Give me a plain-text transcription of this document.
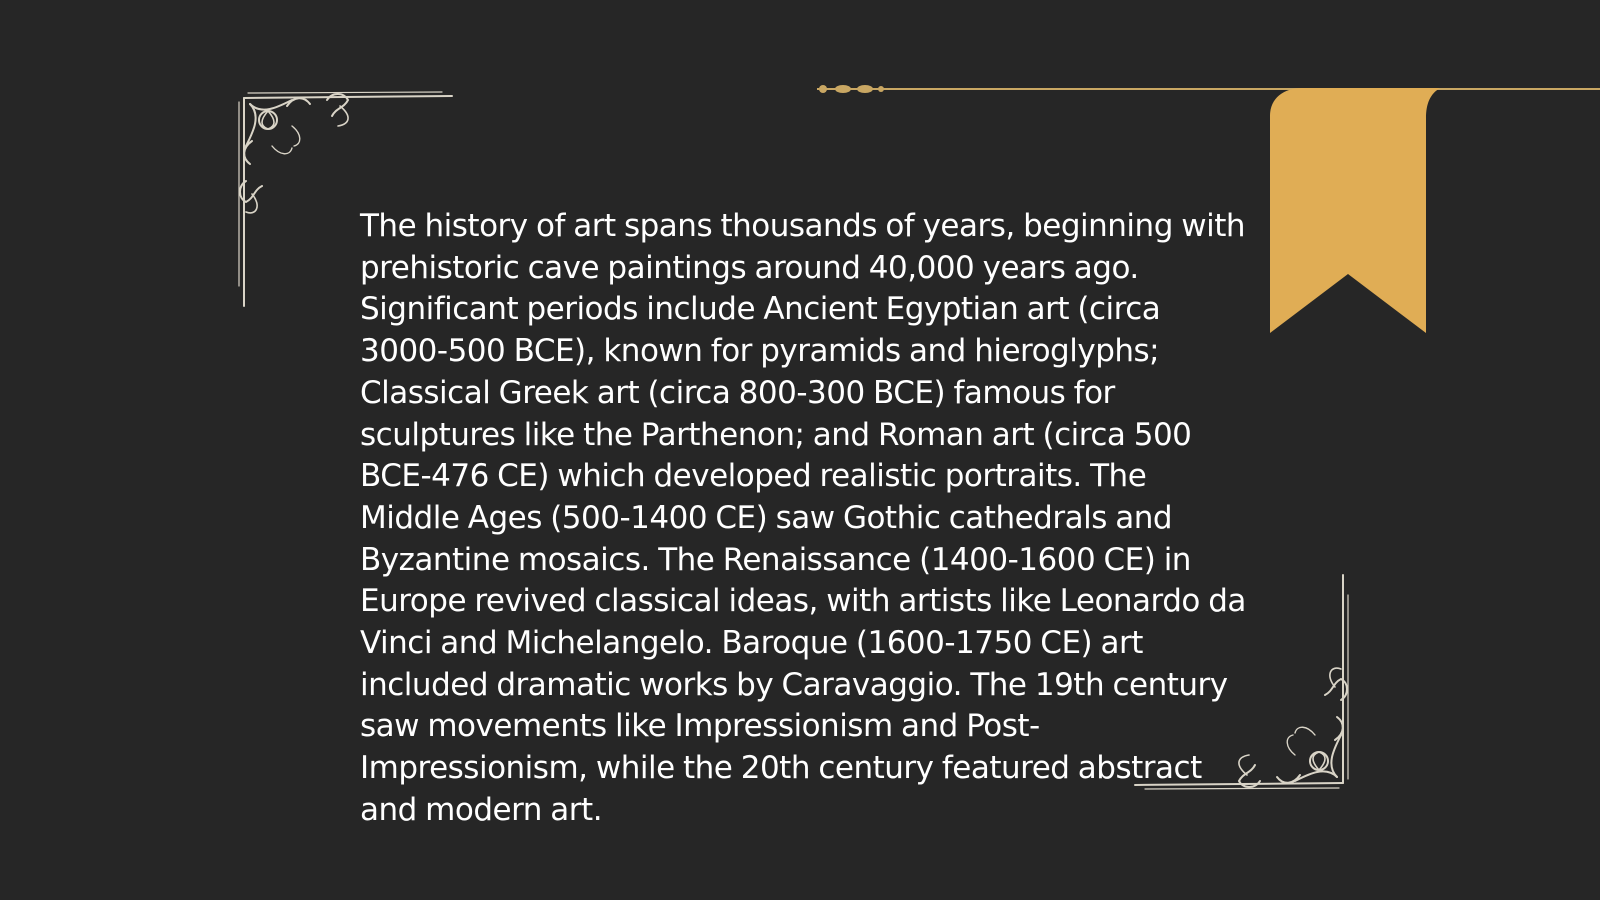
The history of art spans thousands of years, beginning with prehistoric cave paintings around 40,000 years ago. Significant periods include Ancient Egyptian art (circa 3000-500 BCE), known for pyramids and hieroglyphs; Classical Greek art (circa 800-300 BCE) famous for sculptures like the Parthenon; and Roman art (circa 500 BCE-476 CE) which developed realistic portraits. The Middle Ages (500-1400 CE) saw Gothic cathedrals and Byzantine mosaics. The Renaissance (1400-1600 CE) in Europe revived classical ideas, with artists like Leonardo da Vinci and Michelangelo. Baroque (1600-1750 CE) art included dramatic works by Caravaggio. The 19th century saw movements like Impressionism and Post-Impressionism, while the 20th century featured abstract and modern art.
